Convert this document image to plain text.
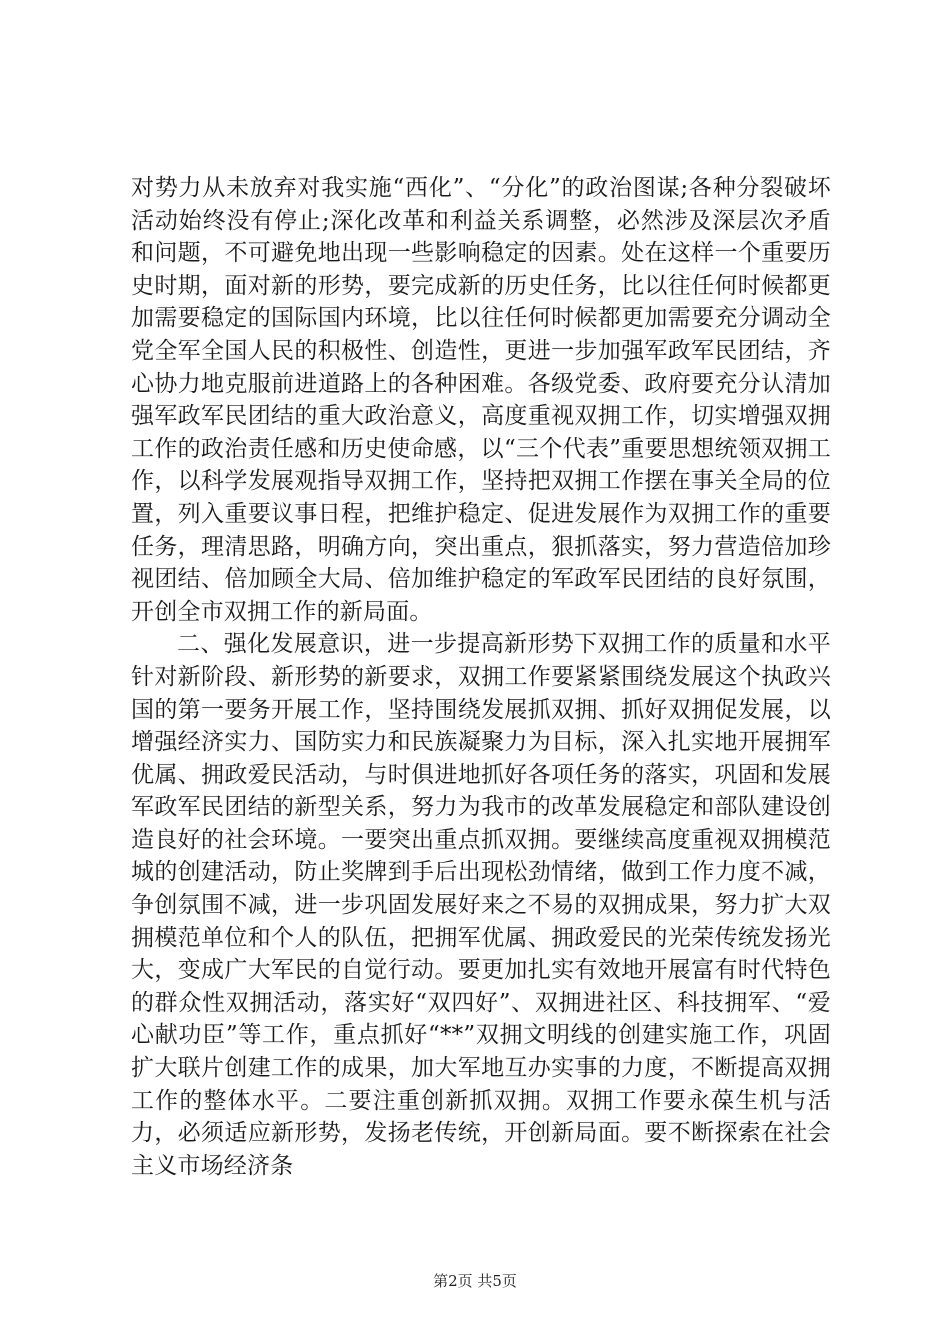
对势力从未放弃对我实施“西化”、“分化”的政治图谋;各种分裂破坏活动始终没有停止;深化改革和利益关系调整，必然涉及深层次矛盾和问题，不可避免地出现一些影响稳定的因素。处在这样一个重要历史时期，面对新的形势，要完成新的历史任务，比以往任何时候都更加需要稳定的国际国内环境，比以往任何时候都更加需要充分调动全党全军全国人民的积极性、创造性，更进一步加强军政军民团结，齐心协力地克服前进道路上的各种困难。各级党委、政府要充分认清加强军政军民团结的重大政治意义，高度重视双拥工作，切实增强双拥工作的政治责任感和历史使命感，以“三个代表”重要思想统领双拥工作，以科学发展观指导双拥工作，坚持把双拥工作摆在事关全局的位置，列入重要议事日程，把维护稳定、促进发展作为双拥工作的重要任务，理清思路，明确方向，突出重点，狠抓落实，努力营造倍加珍视团结、倍加顾全大局、倍加维护稳定的军政军民团结的良好氛围，开创全市双拥工作的新局面。

二、强化发展意识，进一步提高新形势下双拥工作的质量和水平针对新阶段、新形势的新要求，双拥工作要紧紧围绕发展这个执政兴国的第一要务开展工作，坚持围绕发展抓双拥、抓好双拥促发展，以增强经济实力、国防实力和民族凝聚力为目标，深入扎实地开展拥军优属、拥政爱民活动，与时俱进地抓好各项任务的落实，巩固和发展军政军民团结的新型关系，努力为我市的改革发展稳定和部队建设创造良好的社会环境。一要突出重点抓双拥。要继续高度重视双拥模范城的创建活动，防止奖牌到手后出现松劲情绪，做到工作力度不减，争创氛围不减，进一步巩固发展好来之不易的双拥成果，努力扩大双拥模范单位和个人的队伍，把拥军优属、拥政爱民的光荣传统发扬光大，变成广大军民的自觉行动。要更加扎实有效地开展富有时代特色的群众性双拥活动，落实好“双四好”、双拥进社区、科技拥军、“爱心献功臣”等工作，重点抓好“**”双拥文明线的创建实施工作，巩固扩大联片创建工作的成果，加大军地互办实事的力度，不断提高双拥工作的整体水平。二要注重创新抓双拥。双拥工作要永葆生机与活力，必须适应新形势，发扬老传统，开创新局面。要不断探索在社会主义市场经济条

第2页 共5页
